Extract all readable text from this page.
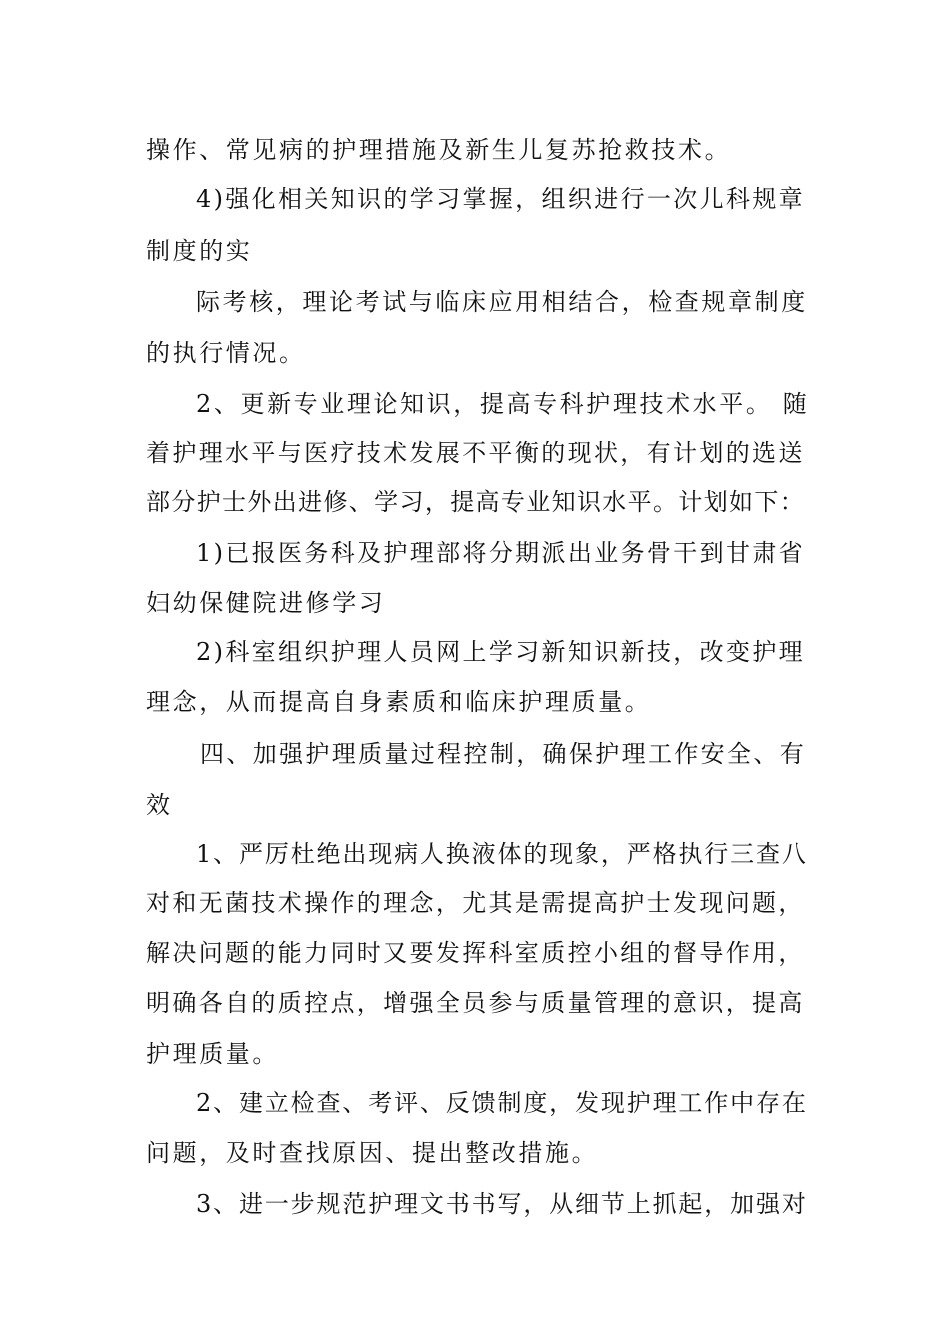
操作、常见病的护理措施及新生儿复苏抢救技术。

4)强化相关知识的学习掌握，组织进行一次儿科规章

制度的实

际考核，理论考试与临床应用相结合，检查规章制度

的执行情况。

2、更新专业理论知识，提高专科护理技术水平。 随

着护理水平与医疗技术发展不平衡的现状，有计划的选送

部分护士外出进修、学习，提高专业知识水平。计划如下：

1)已报医务科及护理部将分期派出业务骨干到甘肃省

妇幼保健院进修学习

2)科室组织护理人员网上学习新知识新技，改变护理

理念，从而提高自身素质和临床护理质量。

四、加强护理质量过程控制，确保护理工作安全、有

效

1、严厉杜绝出现病人换液体的现象，严格执行三查八

对和无菌技术操作的理念，尤其是需提高护士发现问题，

解决问题的能力同时又要发挥科室质控小组的督导作用，

明确各自的质控点，增强全员参与质量管理的意识，提高

护理质量。

2、建立检查、考评、反馈制度，发现护理工作中存在

问题，及时查找原因、提出整改措施。

3、进一步规范护理文书书写，从细节上抓起，加强对
